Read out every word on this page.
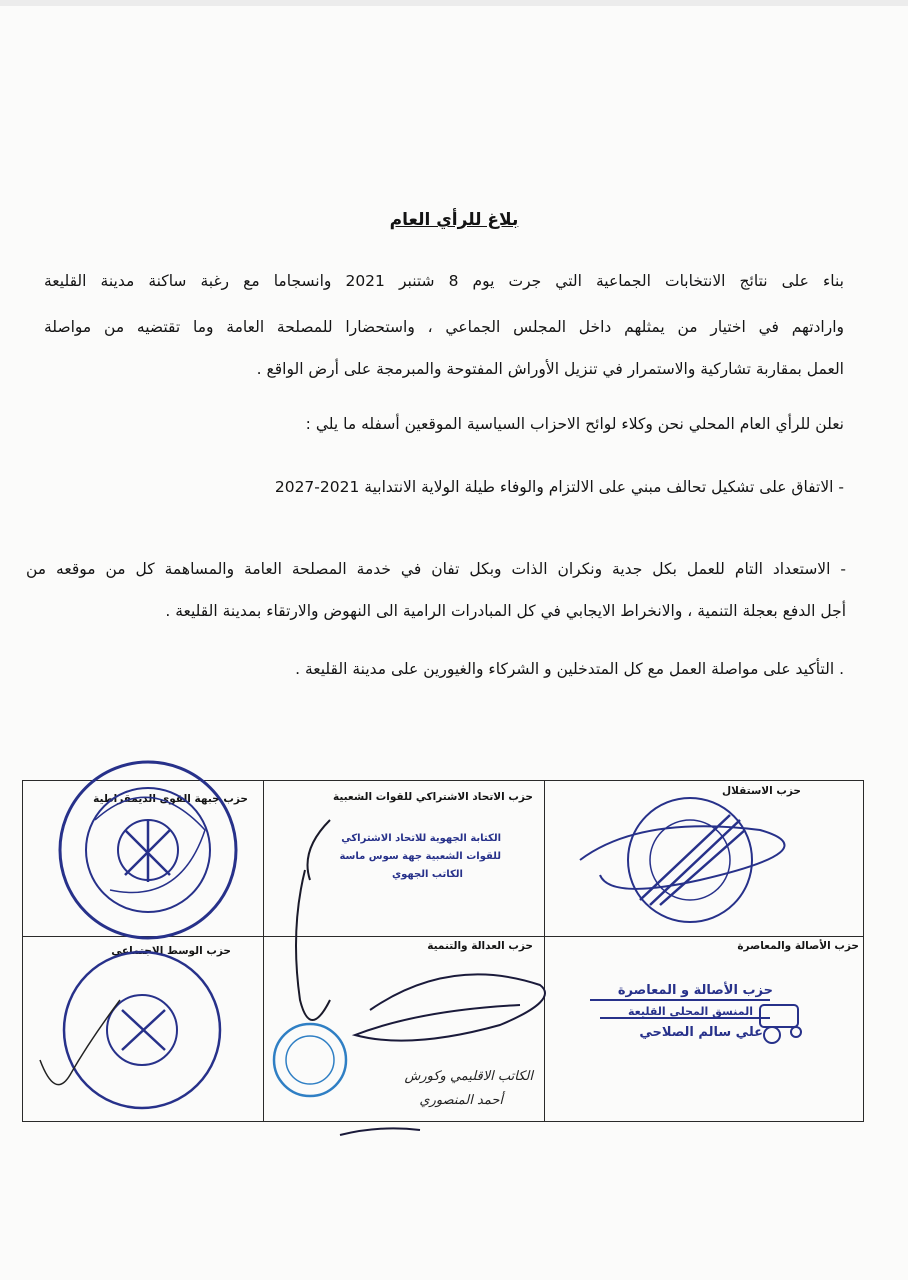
بلاغ للرأي العام
بناء على نتائج الانتخابات الجماعية التي جرت يوم 8 شتنبر 2021 وانسجاما مع رغبة ساكنة مدينة القليعة
وارادتهم في اختيار من يمثلهم داخل المجلس الجماعي ، واستحضارا للمصلحة العامة وما تقتضيه من مواصلة
العمل بمقاربة تشاركية والاستمرار في تنزيل الأوراش المفتوحة والمبرمجة على أرض الواقع .
نعلن للرأي العام المحلي نحن وكلاء لوائح الاحزاب السياسية الموقعين أسفله ما يلي :
- الاتفاق على تشكيل تحالف مبني على الالتزام والوفاء طيلة الولاية الانتدابية 2021-2027
- الاستعداد التام للعمل بكل جدية ونكران الذات وبكل تفان في خدمة المصلحة العامة والمساهمة كل من موقعه من
أجل الدفع بعجلة التنمية ، والانخراط الايجابي في كل المبادرات الرامية الى النهوض والارتقاء بمدينة القليعة .
. التأكيد على مواصلة العمل مع كل المتدخلين و الشركاء والغيورين على مدينة القليعة .
حزب الاستقلال
حزب الاتحاد الاشتراكي للقوات الشعبية
حزب جبهة القوى الديمقراطية
حزب الأصالة والمعاصرة
حزب العدالة والتنمية
حزب الوسط الاجتماعي
الكتابة الجهوية للاتحاد الاشتراكي
للقوات الشعبية جهة سوس ماسة
الكاتب الجهوي
حزب الأصالة و المعاصرة
المنسق المحلي القليعة
علي سالم الصلاحي
الكاتب الاقليمي وكورش
أحمد المنصوري
